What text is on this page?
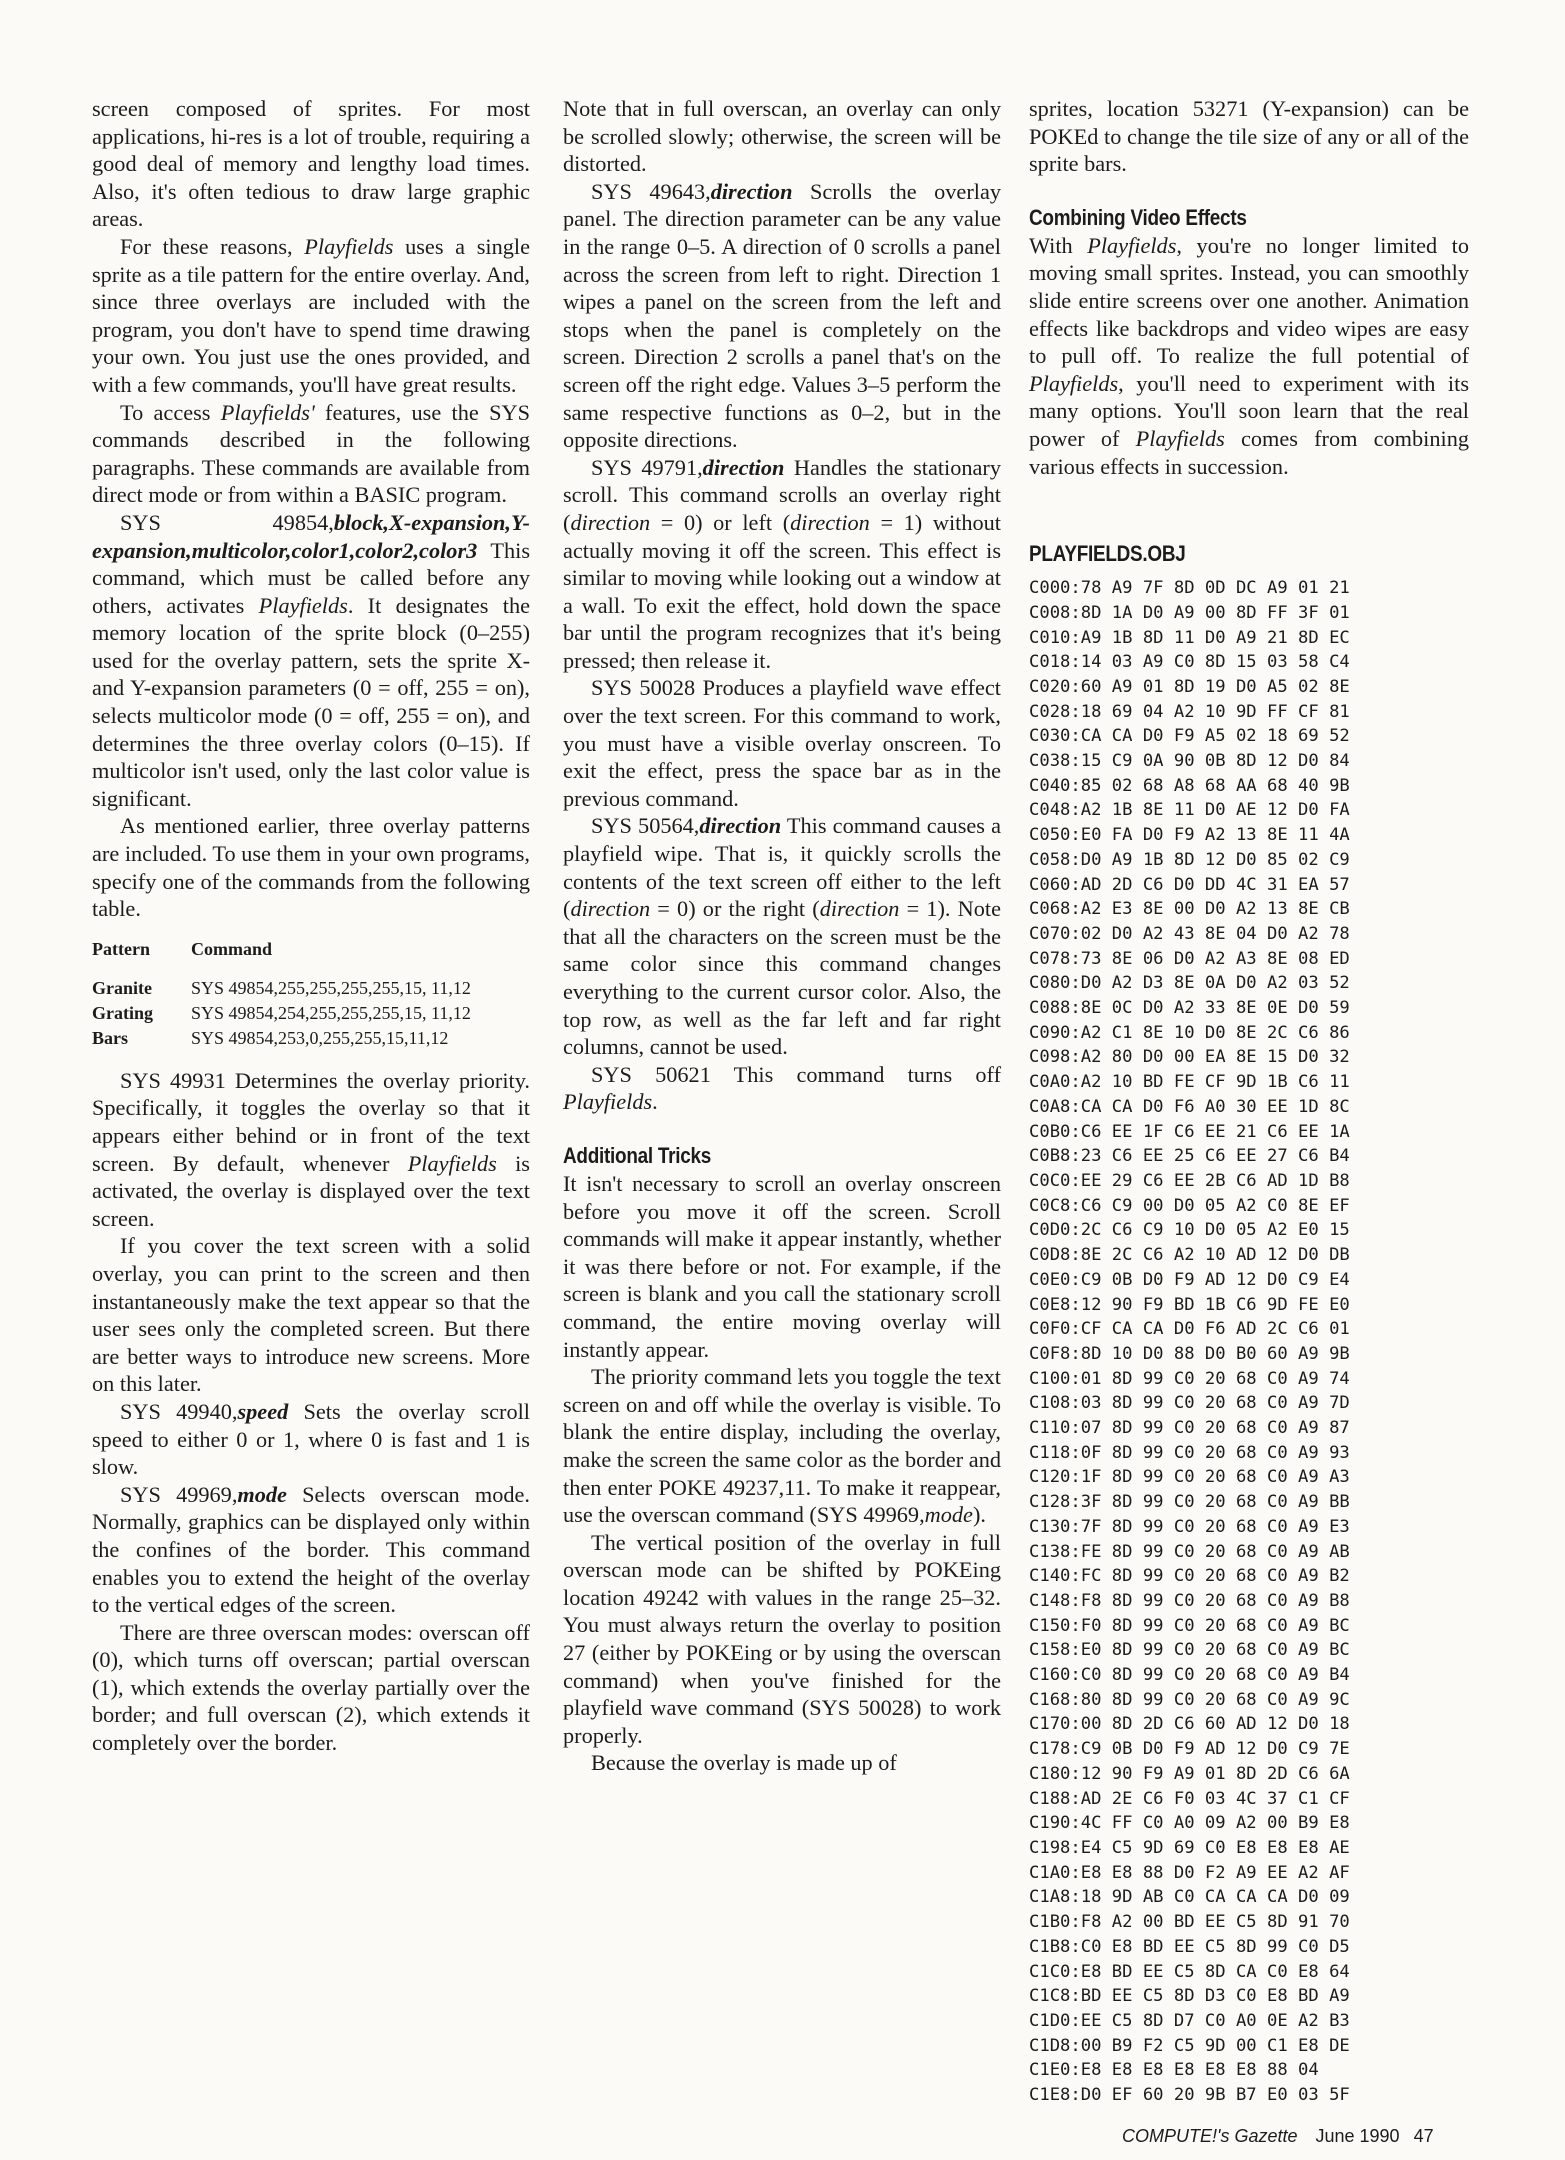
screen composed of sprites. For most applications, hi-res is a lot of trouble, requiring a good deal of memory and lengthy load times. Also, it's often tedious to draw large graphic areas.

For these reasons, Playfields uses a single sprite as a tile pattern for the entire overlay. And, since three overlays are included with the program, you don't have to spend time drawing your own. You just use the ones provided, and with a few commands, you'll have great results.

To access Playfields' features, use the SYS commands described in the following paragraphs. These commands are available from direct mode or from within a BASIC program.

SYS 49854,block,X-expansion,Y-expansion,multicolor,color1,color2,color3 This command, which must be called before any others, activates Playfields. It designates the memory location of the sprite block (0–255) used for the overlay pattern, sets the sprite X- and Y-expansion parameters (0 = off, 255 = on), selects multicolor mode (0 = off, 255 = on), and determines the three overlay colors (0–15). If multicolor isn't used, only the last color value is significant.

As mentioned earlier, three overlay patterns are included. To use them in your own programs, specify one of the commands from the following table.

Pattern	Command
Granite	SYS 49854,255,255,255,255,15, 11,12
Grating	SYS 49854,254,255,255,255,15, 11,12
Bars	SYS 49854,253,0,255,255,15,11,12

SYS 49931 Determines the overlay priority. Specifically, it toggles the overlay so that it appears either behind or in front of the text screen. By default, whenever Playfields is activated, the overlay is displayed over the text screen.

If you cover the text screen with a solid overlay, you can print to the screen and then instantaneously make the text appear so that the user sees only the completed screen. But there are better ways to introduce new screens. More on this later.

SYS 49940,speed Sets the overlay scroll speed to either 0 or 1, where 0 is fast and 1 is slow.

SYS 49969,mode Selects overscan mode. Normally, graphics can be displayed only within the confines of the border. This command enables you to extend the height of the overlay to the vertical edges of the screen.

There are three overscan modes: overscan off (0), which turns off overscan; partial overscan (1), which extends the overlay partially over the border; and full overscan (2), which extends it completely over the border.

Note that in full overscan, an overlay can only be scrolled slowly; otherwise, the screen will be distorted.

SYS 49643,direction Scrolls the overlay panel. The direction parameter can be any value in the range 0–5. A direction of 0 scrolls a panel across the screen from left to right. Direction 1 wipes a panel on the screen from the left and stops when the panel is completely on the screen. Direction 2 scrolls a panel that's on the screen off the right edge. Values 3–5 perform the same respective functions as 0–2, but in the opposite directions.

SYS 49791,direction Handles the stationary scroll. This command scrolls an overlay right (direction = 0) or left (direction = 1) without actually moving it off the screen. This effect is similar to moving while looking out a window at a wall. To exit the effect, hold down the space bar until the program recognizes that it's being pressed; then release it.

SYS 50028 Produces a playfield wave effect over the text screen. For this command to work, you must have a visible overlay onscreen. To exit the effect, press the space bar as in the previous command.

SYS 50564,direction This command causes a playfield wipe. That is, it quickly scrolls the contents of the text screen off either to the left (direction = 0) or the right (direction = 1). Note that all the characters on the screen must be the same color since this command changes everything to the current cursor color. Also, the top row, as well as the far left and far right columns, cannot be used.

SYS 50621 This command turns off Playfields.

Additional Tricks

It isn't necessary to scroll an overlay onscreen before you move it off the screen. Scroll commands will make it appear instantly, whether it was there before or not. For example, if the screen is blank and you call the stationary scroll command, the entire moving overlay will instantly appear.

The priority command lets you toggle the text screen on and off while the overlay is visible. To blank the entire display, including the overlay, make the screen the same color as the border and then enter POKE 49237,11. To make it reappear, use the overscan command (SYS 49969,mode).

The vertical position of the overlay in full overscan mode can be shifted by POKEing location 49242 with values in the range 25–32. You must always return the overlay to position 27 (either by POKEing or by using the overscan command) when you've finished for the playfield wave command (SYS 50028) to work properly.

Because the overlay is made up of

sprites, location 53271 (Y-expansion) can be POKEd to change the tile size of any or all of the sprite bars.

Combining Video Effects

With Playfields, you're no longer limited to moving small sprites. Instead, you can smoothly slide entire screens over one another. Animation effects like backdrops and video wipes are easy to pull off. To realize the full potential of Playfields, you'll need to experiment with its many options. You'll soon learn that the real power of Playfields comes from combining various effects in succession.

PLAYFIELDS.OBJ
C000:78 A9 7F 8D 0D DC A9 01 21
C008:8D 1A D0 A9 00 8D FF 3F 01
C010:A9 1B 8D 11 D0 A9 21 8D EC
C018:14 03 A9 C0 8D 15 03 58 C4
C020:60 A9 01 8D 19 D0 A5 02 8E
C028:18 69 04 A2 10 9D FF CF 81
C030:CA CA D0 F9 A5 02 18 69 52
C038:15 C9 0A 90 0B 8D 12 D0 84
C040:85 02 68 A8 68 AA 68 40 9B
C048:A2 1B 8E 11 D0 AE 12 D0 FA
C050:E0 FA D0 F9 A2 13 8E 11 4A
C058:D0 A9 1B 8D 12 D0 85 02 C9
C060:AD 2D C6 D0 DD 4C 31 EA 57
C068:A2 E3 8E 00 D0 A2 13 8E CB
C070:02 D0 A2 43 8E 04 D0 A2 78
C078:73 8E 06 D0 A2 A3 8E 08 ED
C080:D0 A2 D3 8E 0A D0 A2 03 52
C088:8E 0C D0 A2 33 8E 0E D0 59
C090:A2 C1 8E 10 D0 8E 2C C6 86
C098:A2 80 D0 00 EA 8E 15 D0 32
C0A0:A2 10 BD FE CF 9D 1B C6 11
C0A8:CA CA D0 F6 A0 30 EE 1D 8C
C0B0:C6 EE 1F C6 EE 21 C6 EE 1A
C0B8:23 C6 EE 25 C6 EE 27 C6 B4
C0C0:EE 29 C6 EE 2B C6 AD 1D B8
C0C8:C6 C9 00 D0 05 A2 C0 8E EF
C0D0:2C C6 C9 10 D0 05 A2 E0 15
C0D8:8E 2C C6 A2 10 AD 12 D0 DB
C0E0:C9 0B D0 F9 AD 12 D0 C9 E4
C0E8:12 90 F9 BD 1B C6 9D FE E0
C0F0:CF CA CA D0 F6 AD 2C C6 01
C0F8:8D 10 D0 88 D0 B0 60 A9 9B
C100:01 8D 99 C0 20 68 C0 A9 74
C108:03 8D 99 C0 20 68 C0 A9 7D
C110:07 8D 99 C0 20 68 C0 A9 87
C118:0F 8D 99 C0 20 68 C0 A9 93
C120:1F 8D 99 C0 20 68 C0 A9 A3
C128:3F 8D 99 C0 20 68 C0 A9 BB
C130:7F 8D 99 C0 20 68 C0 A9 E3
C138:FE 8D 99 C0 20 68 C0 A9 AB
C140:FC 8D 99 C0 20 68 C0 A9 B2
C148:F8 8D 99 C0 20 68 C0 A9 B8
C150:F0 8D 99 C0 20 68 C0 A9 BC
C158:E0 8D 99 C0 20 68 C0 A9 BC
C160:C0 8D 99 C0 20 68 C0 A9 B4
C168:80 8D 99 C0 20 68 C0 A9 9C
C170:00 8D 2D C6 60 AD 12 D0 18
C178:C9 0B D0 F9 AD 12 D0 C9 7E
C180:12 90 F9 A9 01 8D 2D C6 6A
C188:AD 2E C6 F0 03 4C 37 C1 CF
C190:4C FF C0 A0 09 A2 00 B9 E8
C198:E4 C5 9D 69 C0 E8 E8 E8 AE
C1A0:E8 E8 88 D0 F2 A9 EE A2 AF
C1A8:18 9D AB C0 CA CA CA D0 09
C1B0:F8 A2 00 BD EE C5 8D 91 70
C1B8:C0 E8 BD EE C5 8D 99 C0 D5
C1C0:E8 BD EE C5 8D CA C0 E8 64
C1C8:BD EE C5 8D D3 C0 E8 BD A9
C1D0:EE C5 8D D7 C0 A0 0E A2 B3
C1D8:00 B9 F2 C5 9D 00 C1 E8 DE
C1E0:E8 E8 E8 E8 E8 E8 88 04
C1E8:D0 EF 60 20 9B B7 E0 03 5F
COMPUTE!'s Gazette June 1990 47
